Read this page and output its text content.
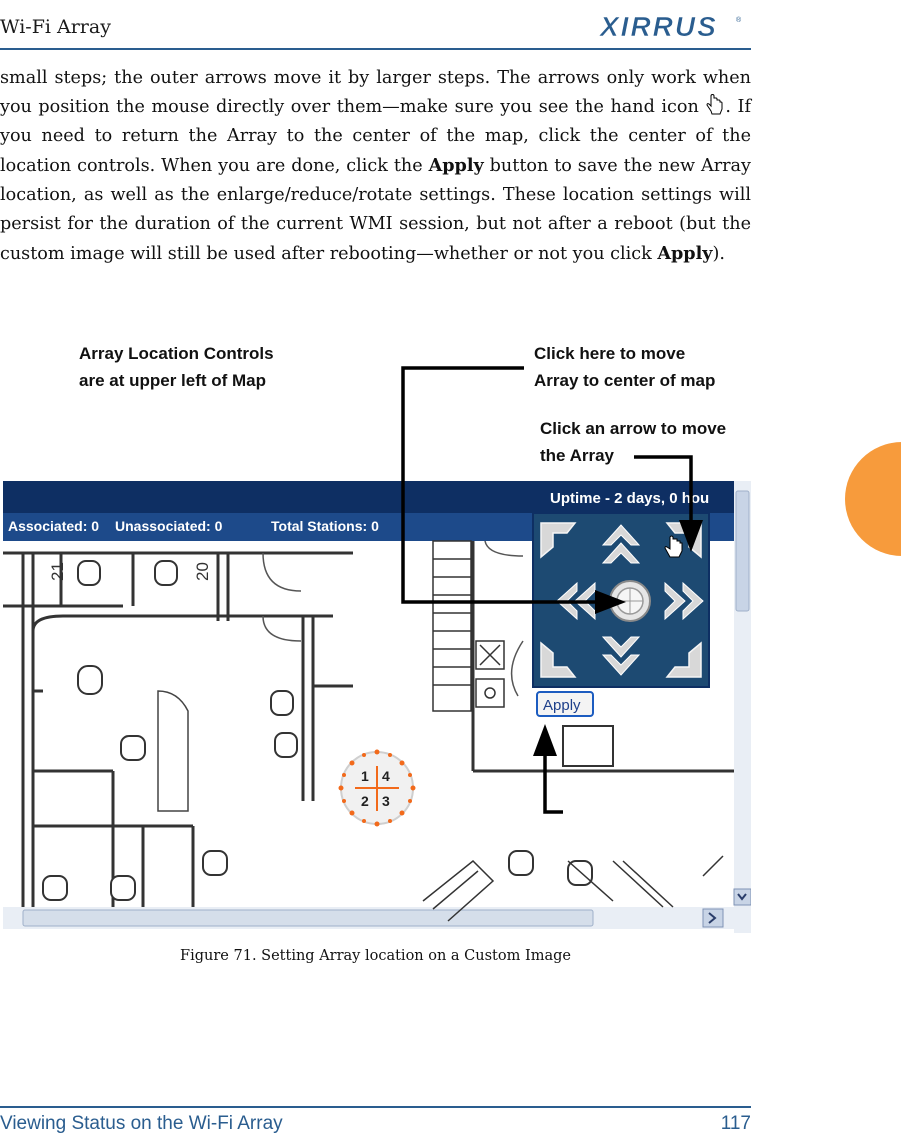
Wi-Fi Array	XIRRUS	®

small steps; the outer arrows move it by larger steps. The arrows only work when you position the mouse directly over them—make sure you see the hand icon . If you need to return the Array to the center of the map, click the center of the location controls. When you are done, click the Apply button to save the new Array location, as well as the enlarge/reduce/rotate settings. These location settings will persist for the duration of the current WMI session, but not after a reboot (but the custom image will still be used after rebooting—whether or not you click Apply).

Array Location Controls
are at upper left of Map

Click here to move
Array to center of map

Click an arrow to move
the Array

Uptime - 2 days, 0 hou
Associated: 0 Unassociated: 0	Total Stations: 0
21	20
1 4
2 3
Apply
Figure 71. Setting Array location on a Custom Image
Viewing Status on the Wi-Fi Array	117
